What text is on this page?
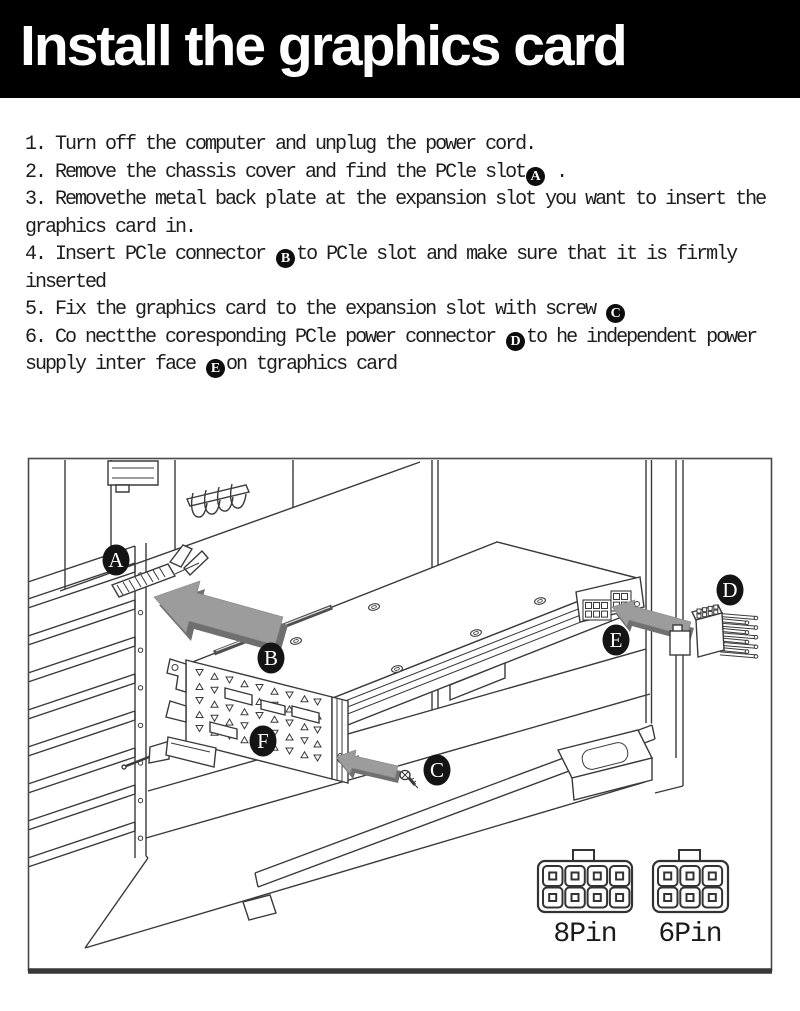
Install the graphics card
1. Turn off the computer and unplug the power cord.
2. Remove the chassis cover and find the PCle slot A .
3. Removethe metal back plate at the expansion slot you want to insert the
graphics card in.
4. Insert PCle connector B to PCle slot and make sure that it is firmly
inserted
5. Fix the graphics card to the expansion slot with screw C
6. Co nectthe coresponding PCle power connector D to he independent power
supply inter face E on tgraphics card
A
B
C
D
E
F
8Pin 6Pin
